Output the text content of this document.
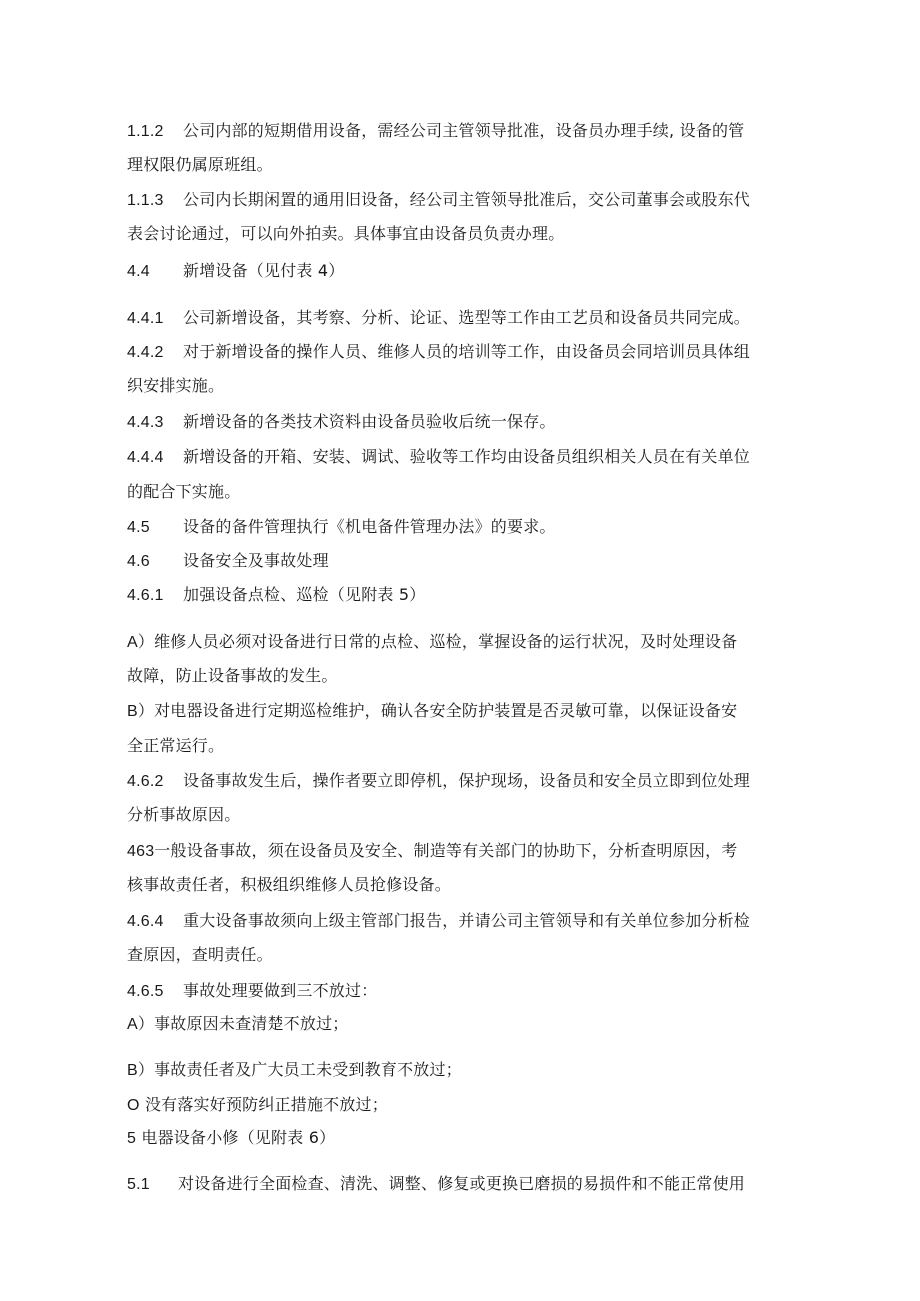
1.1.2 公司内部的短期借用设备，需经公司主管领导批准，设备员办理手续, 设备的管
理权限仍属原班组。
1.1.3 公司内长期闲置的通用旧设备，经公司主管领导批准后，交公司董事会或股东代
表会讨论通过，可以向外拍卖。具体事宜由设备员负责办理。
4.4 新增设备（见付表 4）
4.4.1 公司新增设备，其考察、分析、论证、选型等工作由工艺员和设备员共同完成。
4.4.2 对于新增设备的操作人员、维修人员的培训等工作，由设备员会同培训员具体组
织安排实施。
4.4.3 新增设备的各类技术资料由设备员验收后统一保存。
4.4.4 新增设备的开箱、安装、调试、验收等工作均由设备员组织相关人员在有关单位
的配合下实施。
4.5 设备的备件管理执行《机电备件管理办法》的要求。
4.6 设备安全及事故处理
4.6.1 加强设备点检、巡检（见附表 5）
A）维修人员必须对设备进行日常的点检、巡检，掌握设备的运行状况，及时处理设备
故障，防止设备事故的发生。
B）对电器设备进行定期巡检维护，确认各安全防护装置是否灵敏可靠，以保证设备安
全正常运行。
4.6.2 设备事故发生后，操作者要立即停机，保护现场，设备员和安全员立即到位处理
分析事故原因。
463一般设备事故，须在设备员及安全、制造等有关部门的协助下，分析查明原因，考
核事故责任者，积极组织维修人员抢修设备。
4.6.4 重大设备事故须向上级主管部门报告，并请公司主管领导和有关单位参加分析检
查原因，查明责任。
4.6.5 事故处理要做到三不放过：
A）事故原因未查清楚不放过；
B）事故责任者及广大员工未受到教育不放过；
O 没有落实好预防纠正措施不放过；
5 电器设备小修（见附表 6）
5.1 对设备进行全面检查、清洗、调整、修复或更换已磨损的易损件和不能正常使用
